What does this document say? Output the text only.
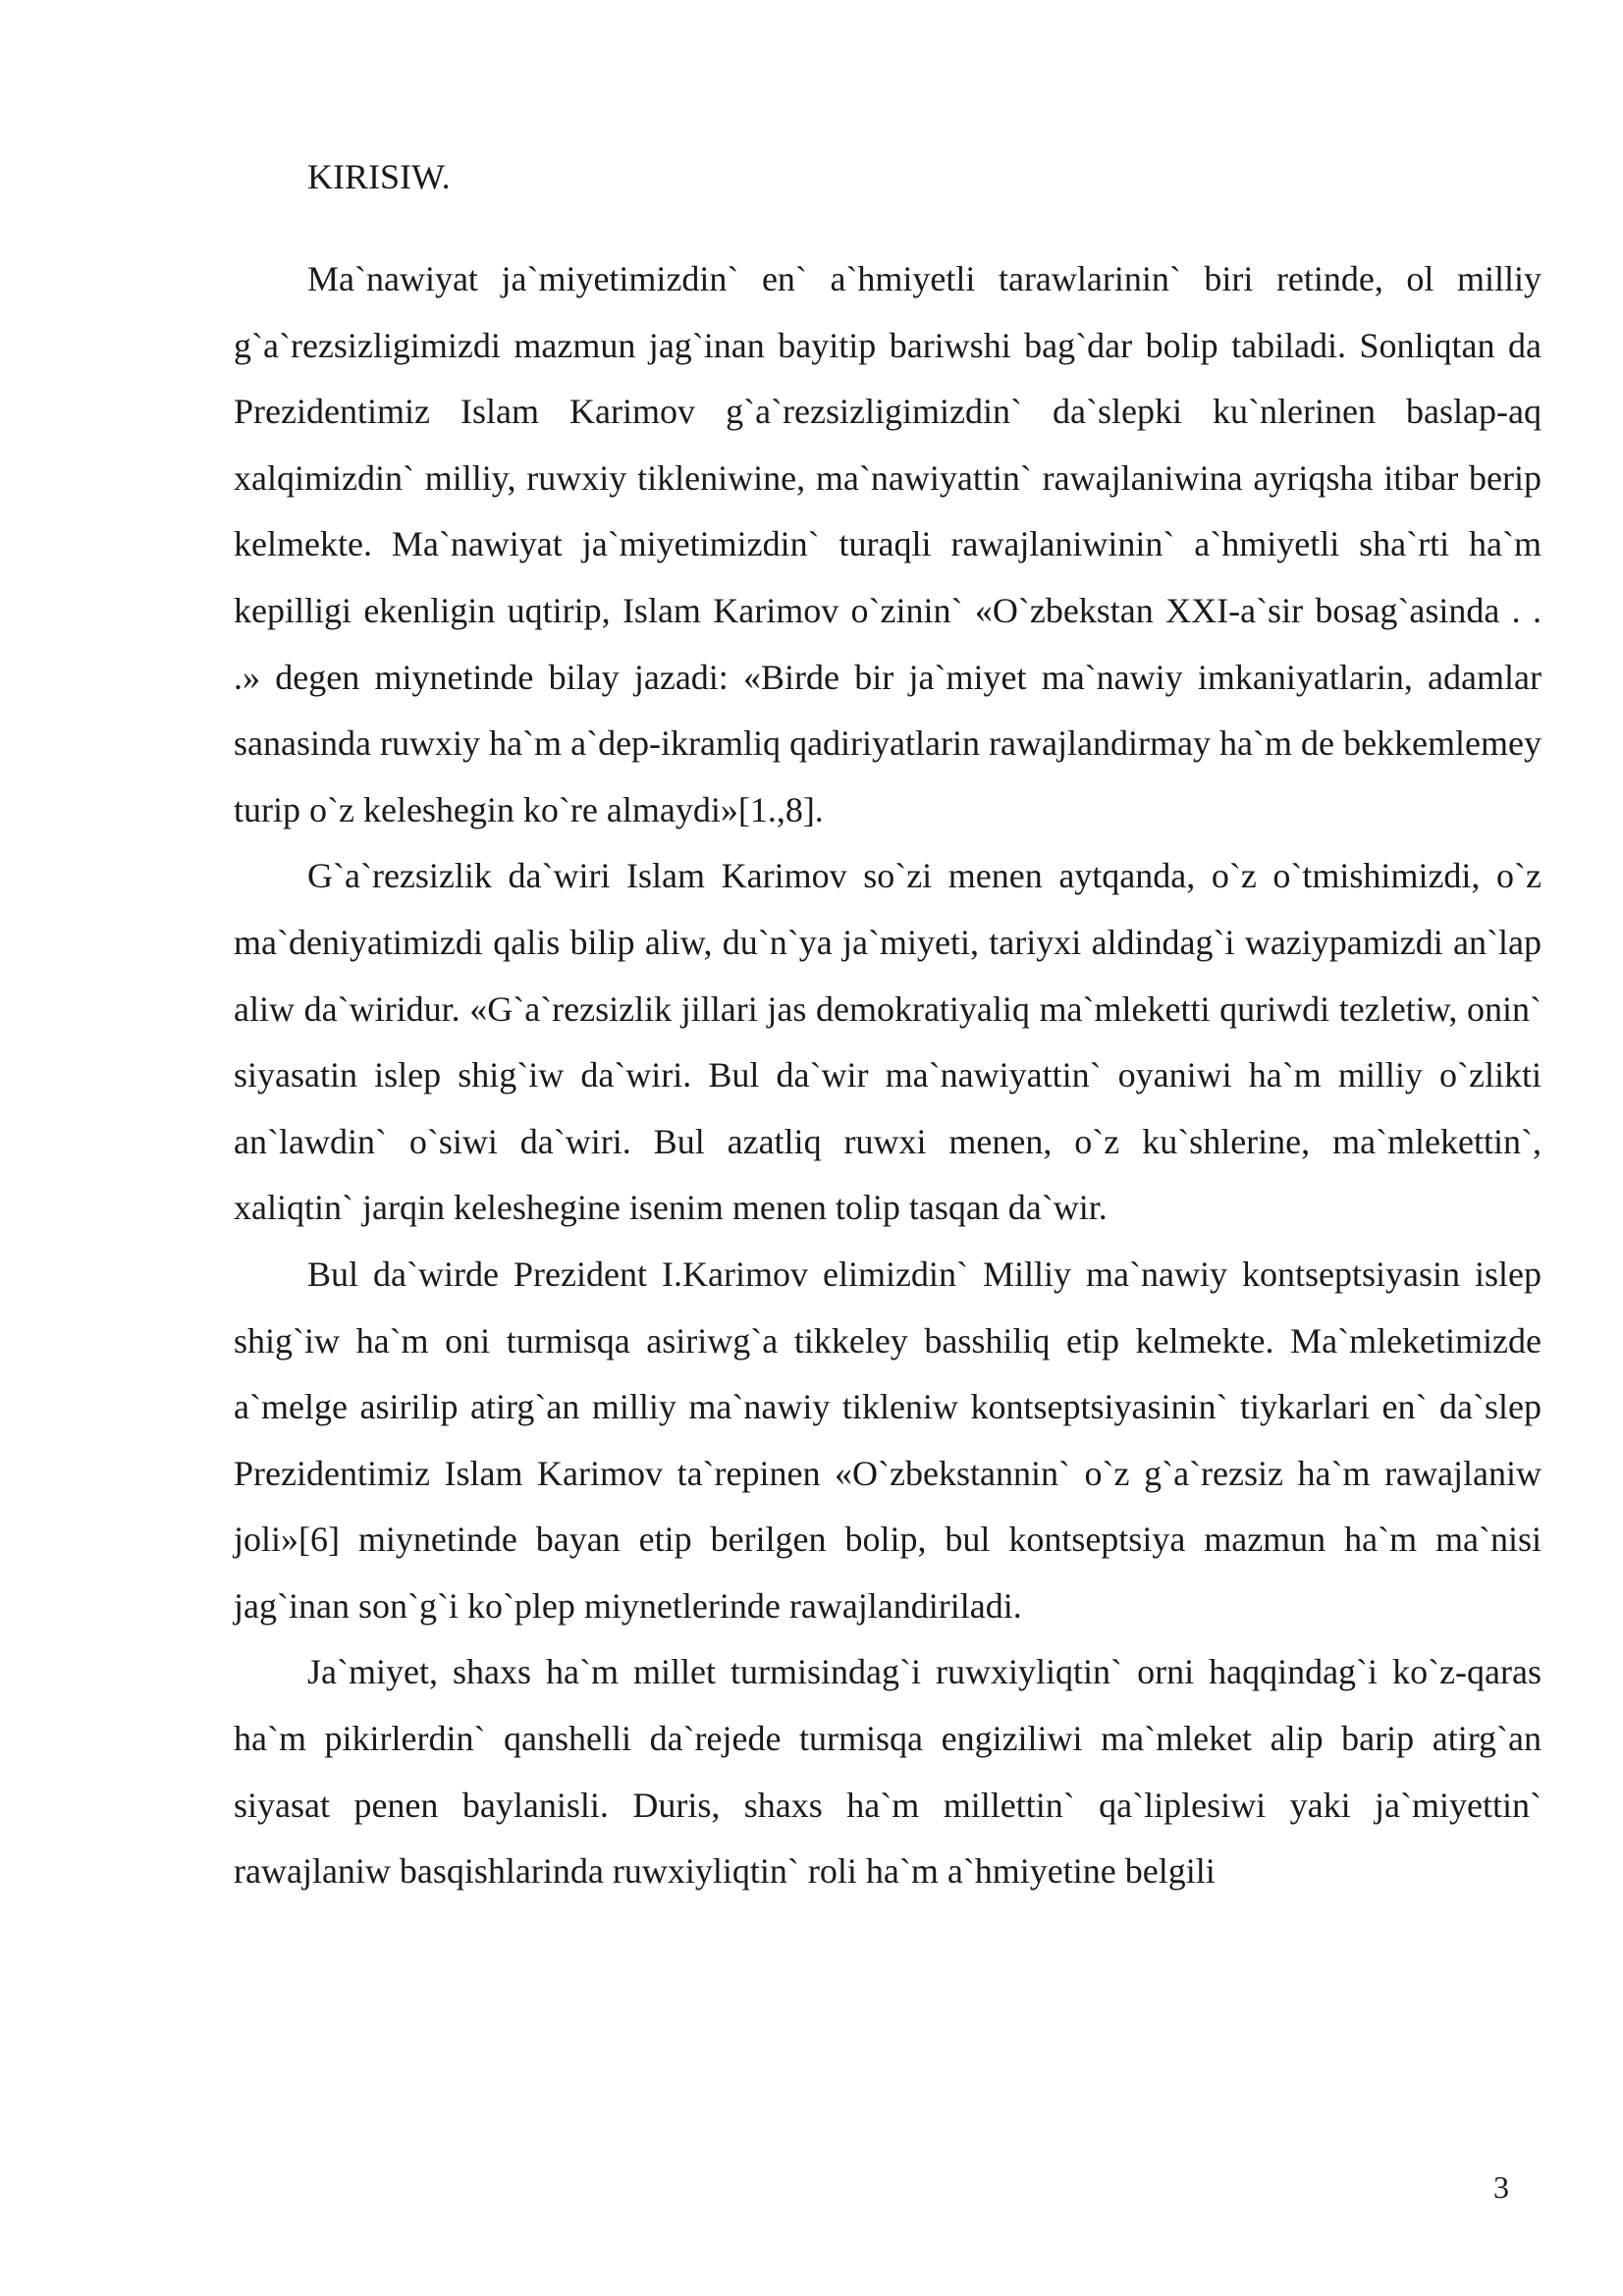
KIRISIW.

Ma`nawiyat ja`miyetimizdin` en` a`hmiyetli tarawlarinin` biri retinde, ol milliy g`a`rezsizligimizdi mazmun jag`inan bayitip bariwshi bag`dar bolip tabiladi. Sonliqtan da Prezidentimiz Islam Karimov g`a`rezsizligimizdin` da`slepki ku`nlerinen baslap-aq xalqimizdin` milliy, ruwxiy tikleniwine, ma`nawiyattin` rawajlaniwina ayriqsha itibar berip kelmekte. Ma`nawiyat ja`miyetimizdin` turaqli rawajlaniwinin` a`hmiyetli sha`rti ha`m kepilligi ekenligin uqtirip, Islam Karimov o`zinin` «O`zbekstan XXI-a`sir bosag`asinda . . .» degen miynetinde bilay jazadi: «Birde bir ja`miyet ma`nawiy imkaniyatlarin, adamlar sanasinda ruwxiy ha`m a`dep-ikramliq qadiriyatlarin rawajlandirmay ha`m de bekkemlemey turip o`z keleshegin ko`re almaydi»[1.,8].

G`a`rezsizlik da`wiri Islam Karimov so`zi menen aytqanda, o`z o`tmishimizdi, o`z ma`deniyatimizdi qalis bilip aliw, du`n`ya ja`miyeti, tariyxi aldindag`i waziypamizdi an`lap aliw da`wiridur. «G`a`rezsizlik jillari jas demokratiyaliq ma`mleketti quriwdi tezletiw, onin` siyasatin islep shig`iw da`wiri. Bul da`wir ma`nawiyattin` oyaniwi ha`m milliy o`zlikti an`lawdin` o`siwi da`wiri. Bul azatliq ruwxi menen, o`z ku`shlerine, ma`mlekettin`, xaliqtin` jarqin keleshegine isenim menen tolip tasqan da`wir.

Bul da`wirde Prezident I.Karimov elimizdin` Milliy ma`nawiy kontseptsiyasin islep shig`iw ha`m oni turmisqa asiriwg`a tikkeley basshiliq etip kelmekte. Ma`mleketimizde a`melge asirilip atirg`an milliy ma`nawiy tikleniw kontseptsiyasinin` tiykarlari en` da`slep Prezidentimiz Islam Karimov ta`repinen «O`zbekstannin` o`z g`a`rezsiz ha`m rawajlaniw joli»[6] miynetinde bayan etip berilgen bolip, bul kontseptsiya mazmun ha`m ma`nisi jag`inan son`g`i ko`plep miynetlerinde rawajlandiriladi.

Ja`miyet, shaxs ha`m millet turmisindag`i ruwxiyliqtin` orni haqqindag`i ko`z-qaras ha`m pikirlerdin` qanshelli da`rejede turmisqa engiziliwi ma`mleket alip barip atirg`an siyasat penen baylanisli. Duris, shaxs ha`m millettin` qa`liplesiwi yaki ja`miyettin` rawajlaniw basqishlarinda ruwxiyliqtin` roli ha`m a`hmiyetine belgili

3
